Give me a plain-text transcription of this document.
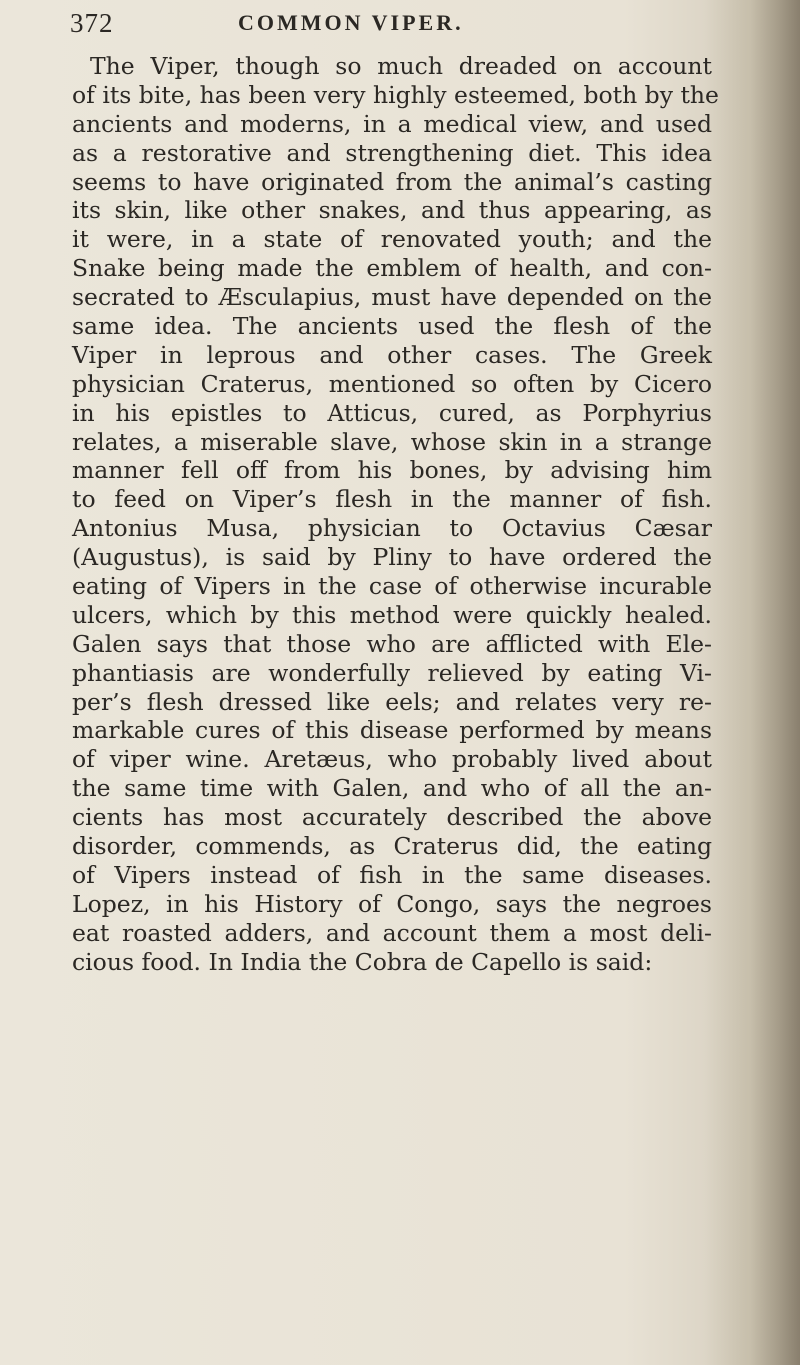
372	COMMON VIPER.

The Viper, though so much dreaded on account
of its bite, has been very highly esteemed, both by the
ancients and moderns, in a medical view, and used
as a restorative and strengthening diet. This idea
seems to have originated from the animal’s casting
its skin, like other snakes, and thus appearing, as
it were, in a state of renovated youth; and the
Snake being made the emblem of health, and con-
secrated to Æsculapius, must have depended on the
same idea. The ancients used the flesh of the
Viper in leprous and other cases. The Greek
physician Craterus, mentioned so often by Cicero
in his epistles to Atticus, cured, as Porphyrius
relates, a miserable slave, whose skin in a strange
manner fell off from his bones, by advising him
to feed on Viper’s flesh in the manner of fish.
Antonius Musa, physician to Octavius Cæsar
(Augustus), is said by Pliny to have ordered the
eating of Vipers in the case of otherwise incurable
ulcers, which by this method were quickly healed.
Galen says that those who are afflicted with Ele-
phantiasis are wonderfully relieved by eating Vi-
per’s flesh dressed like eels; and relates very re-
markable cures of this disease performed by means
of viper wine. Aretæus, who probably lived about
the same time with Galen, and who of all the an-
cients has most accurately described the above
disorder, commends, as Craterus did, the eating
of Vipers instead of fish in the same diseases.
Lopez, in his History of Congo, says the negroes
eat roasted adders, and account them a most deli-
cious food. In India the Cobra de Capello is said:
